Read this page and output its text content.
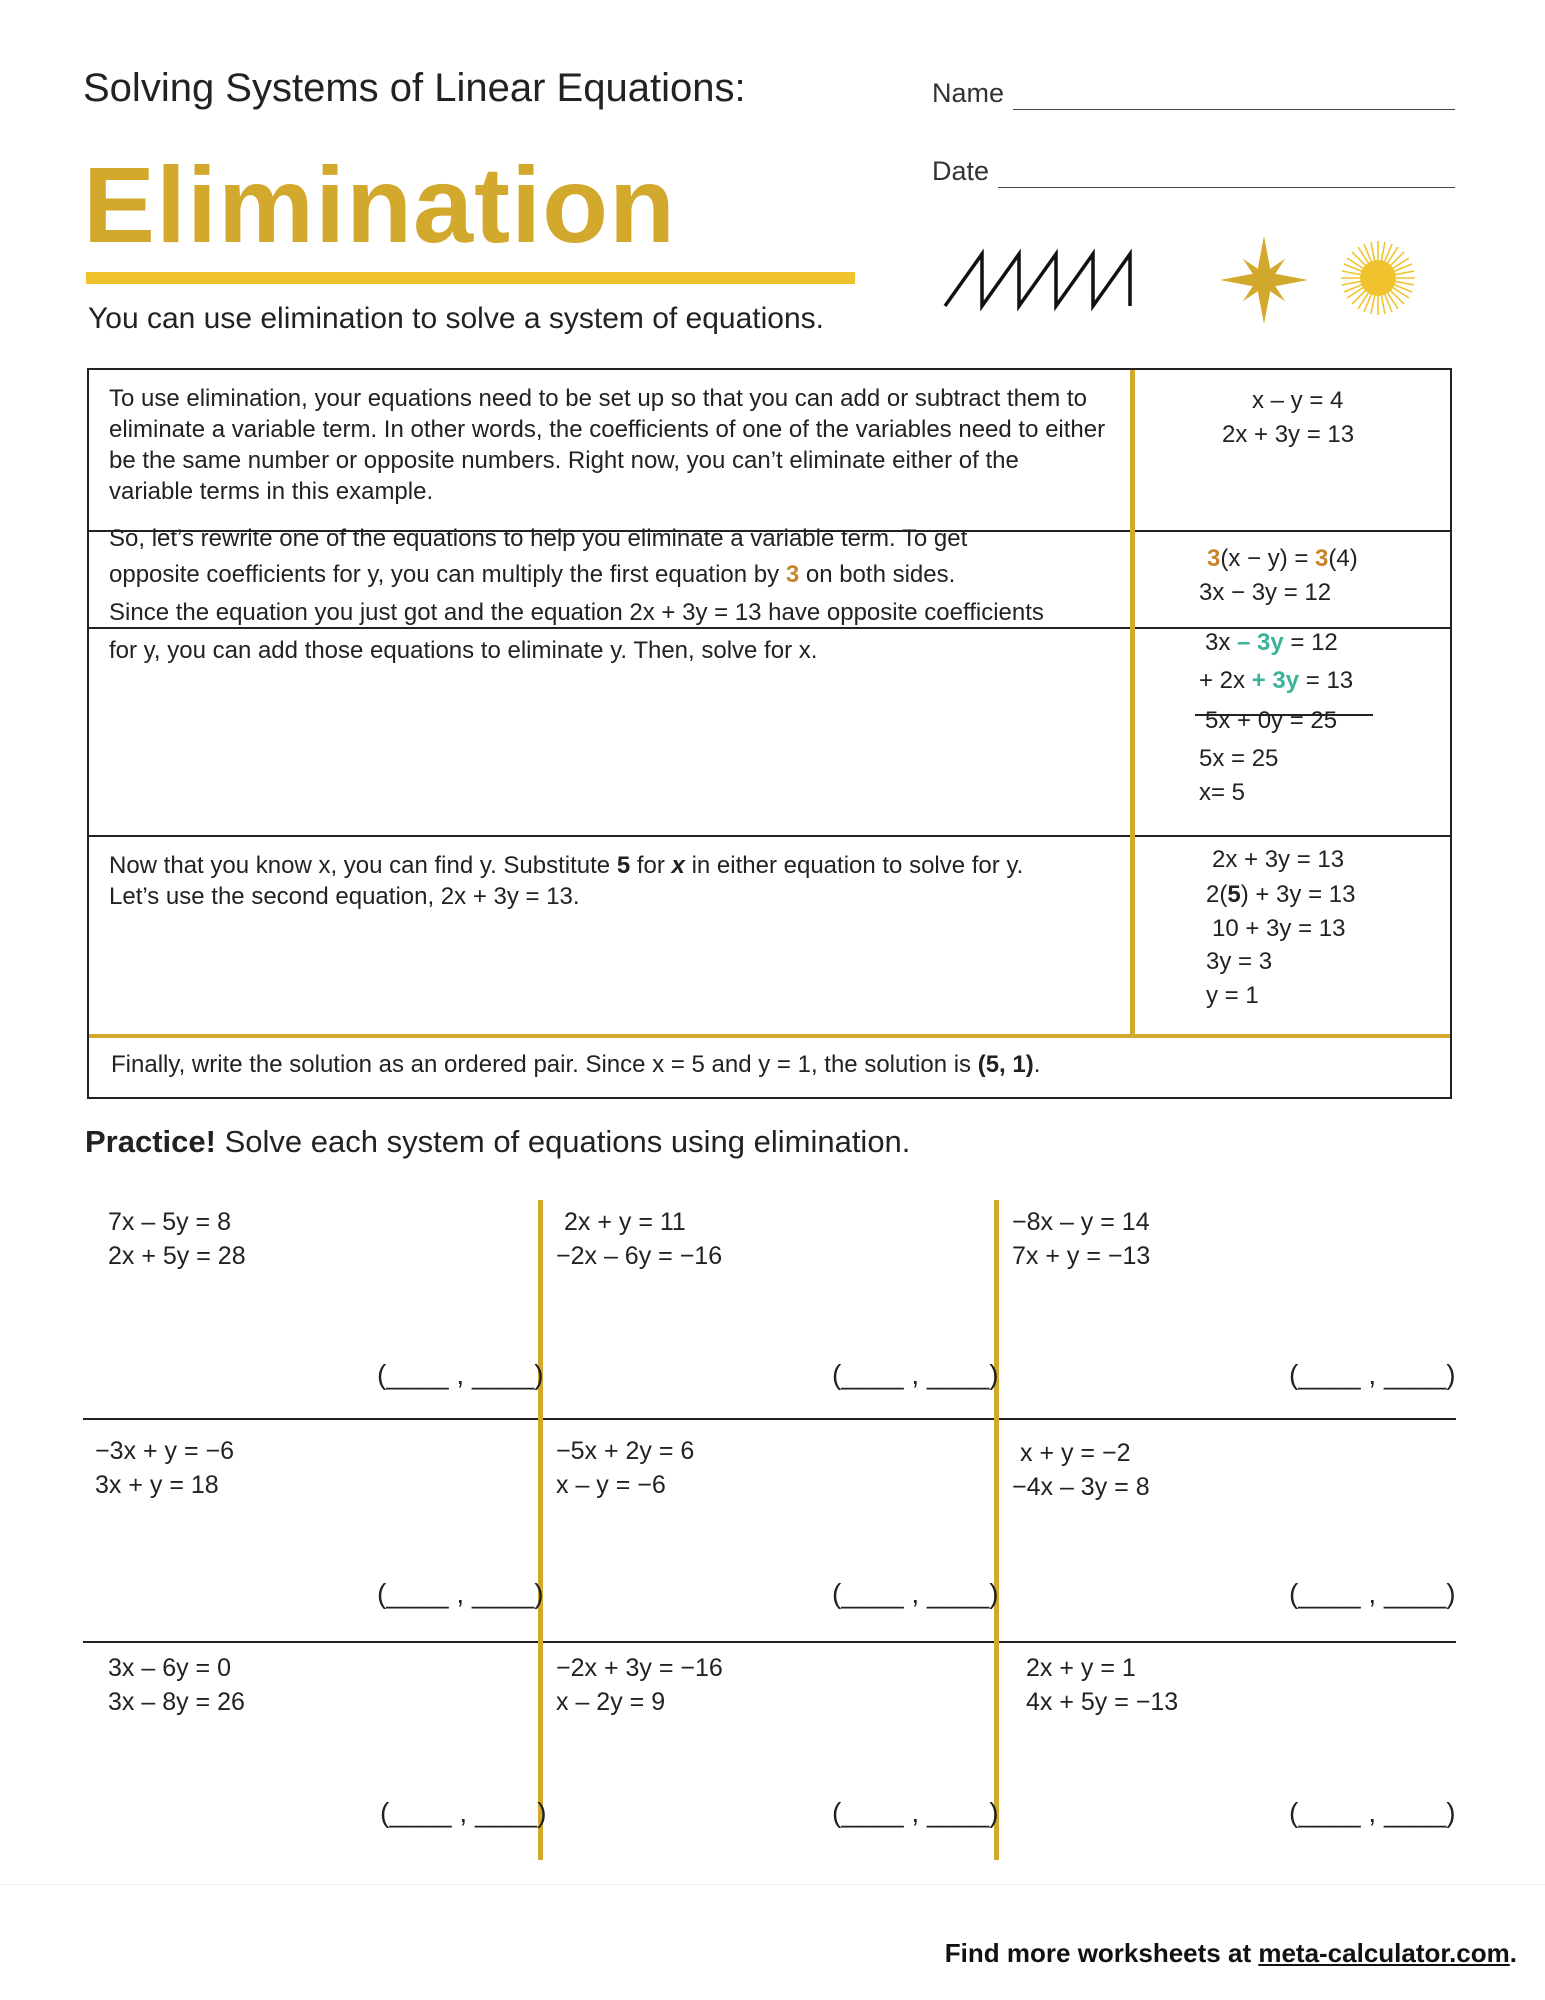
Solving Systems of Linear Equations:
Elimination
You can use elimination to solve a system of equations.
Name
Date
To use elimination, your equations need to be set up so that you can add or subtract them to eliminate a variable term. In other words, the coefficients of one of the variables need to either be the same number or opposite numbers. Right now, you can’t eliminate either of the variable terms in this example.
x – y = 4
2x + 3y = 13
So, let’s rewrite one of the equations to help you eliminate a variable term. To get
opposite coefficients for y, you can multiply the first equation by 3 on both sides.
3(x − y) = 3(4)
3x − 3y = 12
Since the equation you just got and the equation 2x + 3y = 13 have opposite coefficients
for y, you can add those equations to eliminate y. Then, solve for x.	3x – 3y = 12
+ 2x + 3y = 13
5x + 0y = 25
5x = 25
x= 5
Now that you know x, you can find y. Substitute 5 for x in either equation to solve for y.
Let’s use the second equation, 2x + 3y = 13.
2x + 3y = 13
2(5) + 3y = 13
10 + 3y = 13
3y = 3
y = 1
Finally, write the solution as an ordered pair. Since x = 5 and y = 1, the solution is (5, 1).
Practice! Solve each system of equations using elimination.
7x – 5y = 8
2x + 5y = 28
2x + y = 11
−2x – 6y = −16
−8x – y = 14
7x + y = −13
(____ , ____)	(____ , ____)	(____ , ____)
−3x + y = −6
3x + y = 18
−5x + 2y = 6
x – y = −6
x + y = −2
−4x – 3y = 8
(____ , ____)	(____ , ____)	(____ , ____)
3x – 6y = 0
3x – 8y = 26
−2x + 3y = −16
x – 2y = 9
2x + y = 1
4x + 5y = −13
(____ , ____)	(____ , ____)	(____ , ____)
Find more worksheets at meta-calculator.com.
